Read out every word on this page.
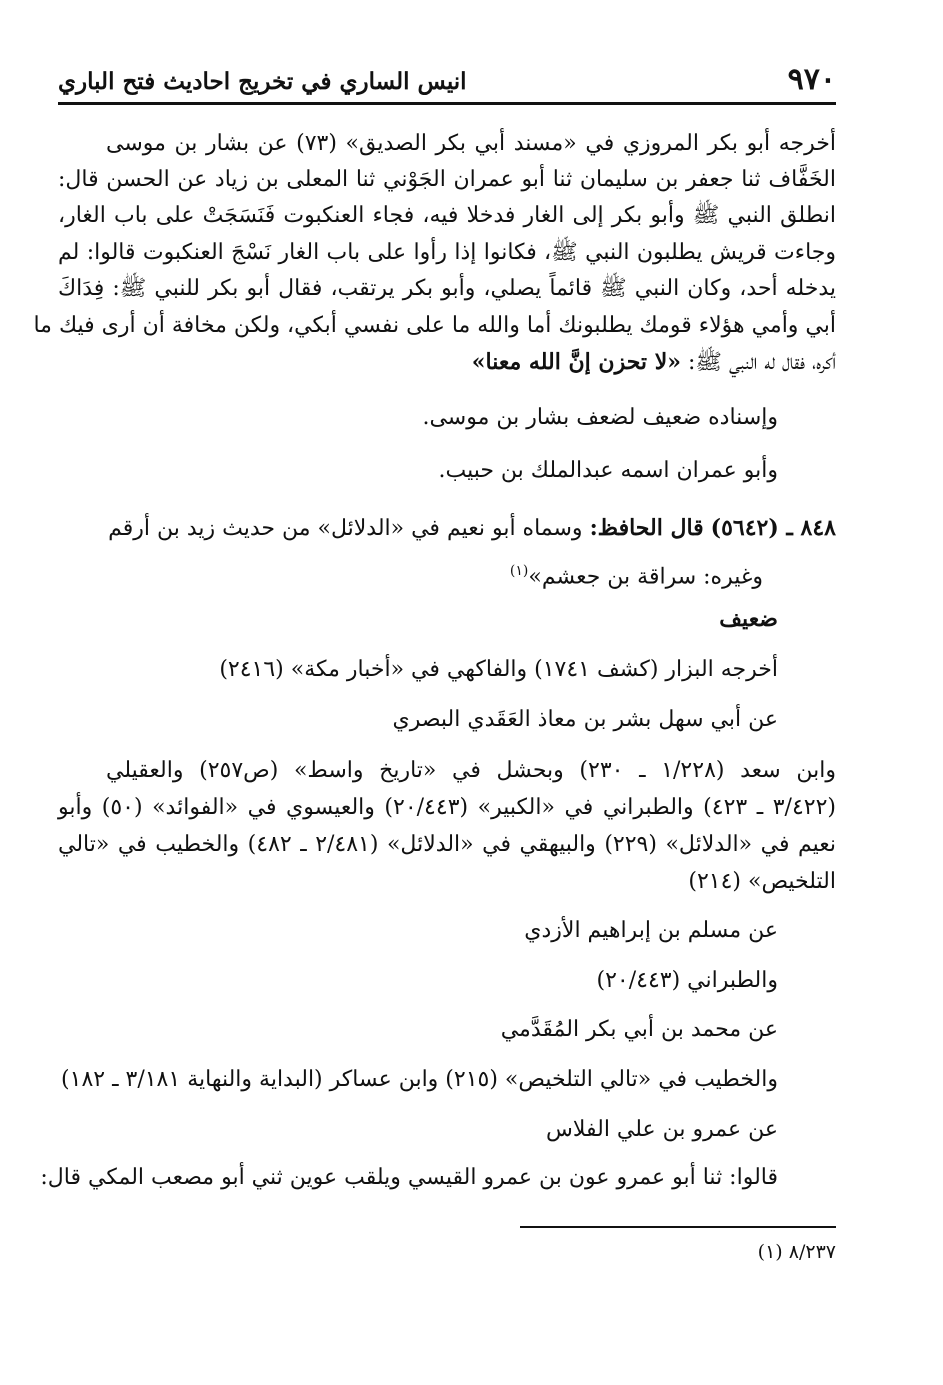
٩٧٠
انيس الساري في تخريج احاديث فتح الباري
أخرجه أبو بكر المروزي في «مسند أبي بكر الصديق» (٧٣) عن بشار بن موسى
الخَفَّاف ثنا جعفر بن سليمان ثنا أبو عمران الجَوْني ثنا المعلى بن زياد عن الحسن قال:
انطلق النبي ﷺ وأبو بكر إلى الغار فدخلا فيه، فجاء العنكبوت فَنَسَجَتْ على باب الغار،
وجاءت قريش يطلبون النبي ﷺ، فكانوا إذا رأوا على باب الغار نَسْجَ العنكبوت قالوا: لم
يدخله أحد، وكان النبي ﷺ قائماً يصلي، وأبو بكر يرتقب، فقال أبو بكر للنبي ﷺ: فِدَاكَ
أبي وأمي هؤلاء قومك يطلبونك أما والله ما على نفسي أبكي، ولكن مخافة أن أرى فيك ما
أكره، فقال له النبي ﷺ: «لا تحزن إنَّ الله معنا»
وإسناده ضعيف لضعف بشار بن موسى.
وأبو عمران اسمه عبدالملك بن حبيب.
٨٤٨ ـ (٥٦٤٢) قال الحافظ: وسماه أبو نعيم في «الدلائل» من حديث زيد بن أرقم
وغيره: سراقة بن جعشم»$^{(١)}$
ضعيف
أخرجه البزار (كشف ١٧٤١) والفاكهي في «أخبار مكة» (٢٤١٦)
عن أبي سهل بشر بن معاذ العَقَدي البصري
وابن سعد (١/٢٢٨ ـ ٢٣٠) وبحشل في «تاريخ واسط» (ص٢٥٧) والعقيلي
(٣/٤٢٢ ـ ٤٢٣) والطبراني في «الكبير» (٢٠/٤٤٣) والعيسوي في «الفوائد» (٥٠) وأبو
نعيم في «الدلائل» (٢٢٩) والبيهقي في «الدلائل» (٢/٤٨١ ـ ٤٨٢) والخطيب في «تالي
التلخيص» (٢١٤)
عن مسلم بن إبراهيم الأزدي
والطبراني (٢٠/٤٤٣)
عن محمد بن أبي بكر المُقَدَّمي
والخطيب في «تالي التلخيص» (٢١٥) وابن عساكر (البداية والنهاية ٣/١٨١ ـ ١٨٢)
عن عمرو بن علي الفلاس
قالوا: ثنا أبو عمرو عون بن عمرو القيسي ويلقب عوين ثني أبو مصعب المكي قال:
(١) ٨/٢٣٧
